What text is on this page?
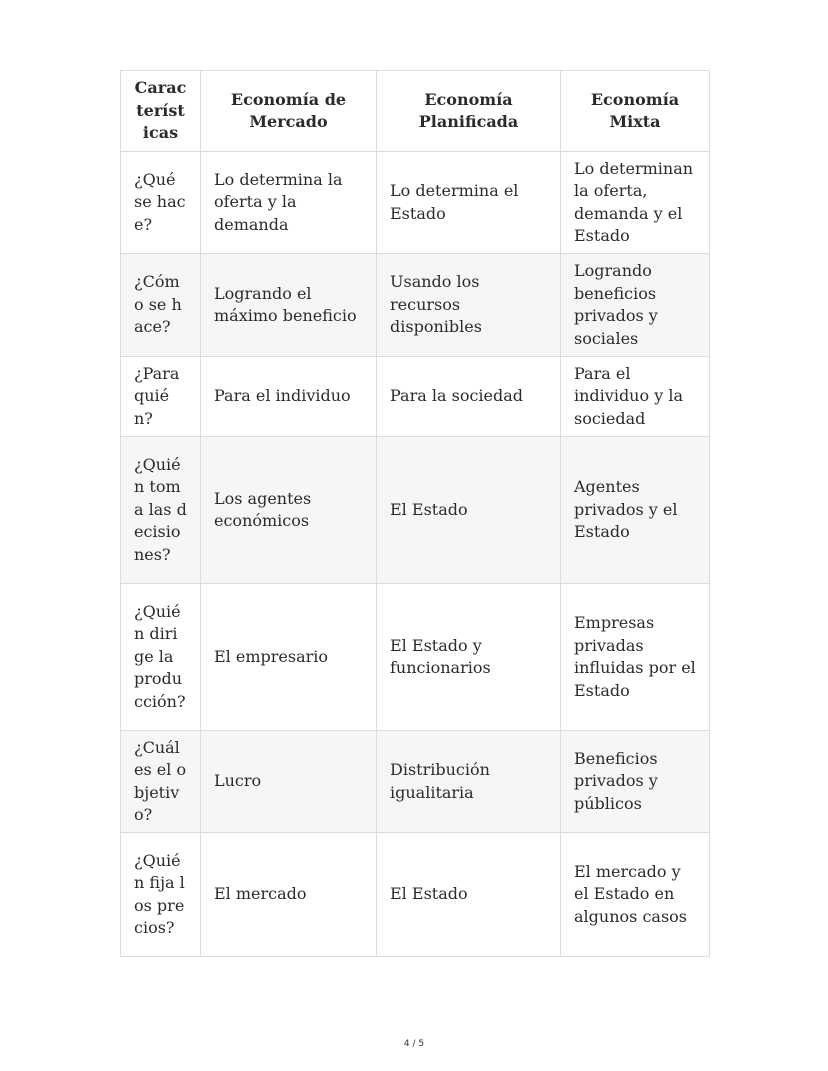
Características	Economía de Mercado	Economía Planificada	Economía Mixta
¿Qué se hace?	Lo determina la oferta y la demanda	Lo determina el Estado	Lo determinan la oferta, demanda y el Estado
¿Cómo se hace?	Logrando el máximo beneficio	Usando los recursos disponibles	Logrando beneficios privados y sociales
¿Para quién?	Para el individuo	Para la sociedad	Para el individuo y la sociedad
¿Quién toma las decisiones?	Los agentes económicos	El Estado	Agentes privados y el Estado
¿Quién dirige la producción?	El empresario	El Estado y funcionarios	Empresas privadas influidas por el Estado
¿Cuál es el objetivo?	Lucro	Distribución igualitaria	Beneficios privados y públicos
¿Quién fija los precios?	El mercado	El Estado	El mercado y el Estado en algunos casos
4 / 5
